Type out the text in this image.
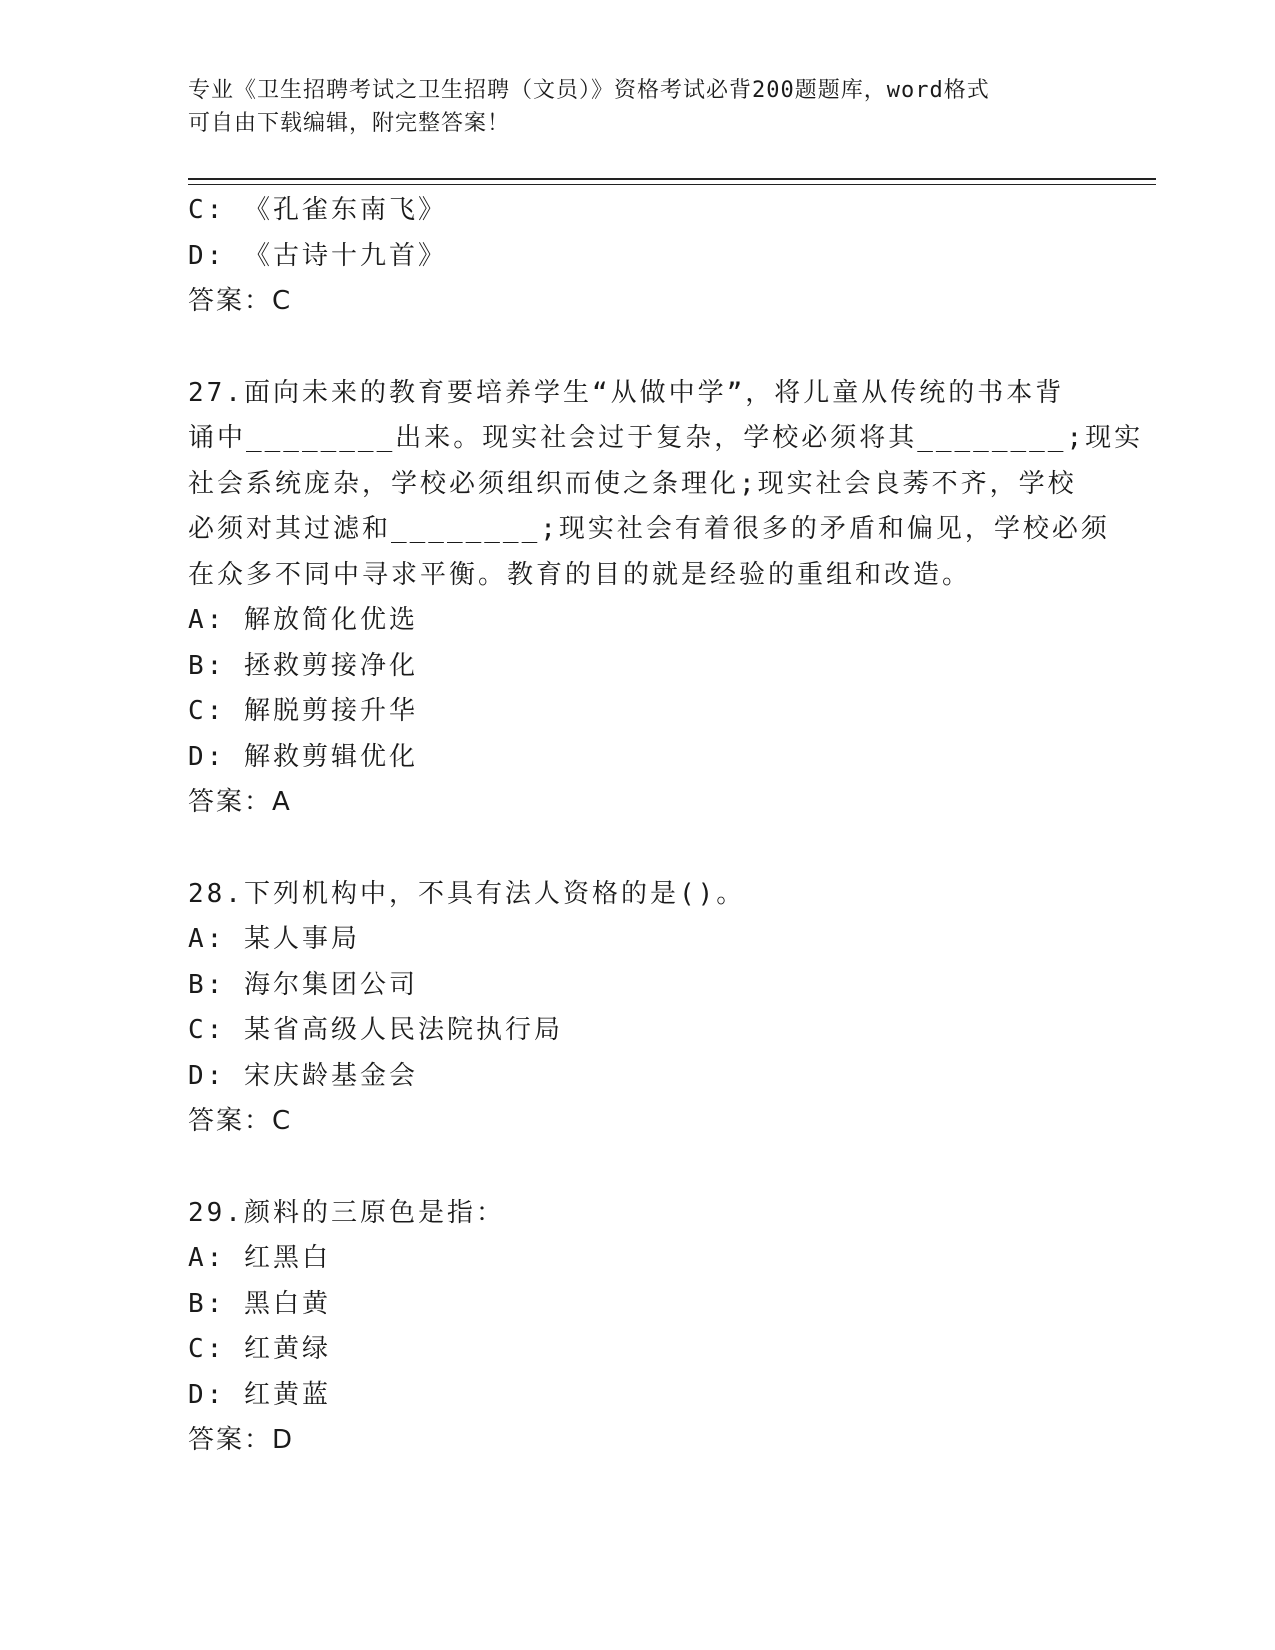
专业《卫生招聘考试之卫生招聘（文员）》资格考试必背200题题库，word格式
可自由下载编辑，附完整答案！
C: 《孔雀东南飞》
D: 《古诗十九首》
答案：C
27.面向未来的教育要培养学生“从做中学”，将儿童从传统的书本背
诵中________出来。现实社会过于复杂，学校必须将其________;现实
社会系统庞杂，学校必须组织而使之条理化;现实社会良莠不齐，学校
必须对其过滤和________;现实社会有着很多的矛盾和偏见，学校必须
在众多不同中寻求平衡。教育的目的就是经验的重组和改造。
A: 解放简化优选
B: 拯救剪接净化
C: 解脱剪接升华
D: 解救剪辑优化
答案：A
28.下列机构中，不具有法人资格的是()。
A: 某人事局
B: 海尔集团公司
C: 某省高级人民法院执行局
D: 宋庆龄基金会
答案：C
29.颜料的三原色是指：
A: 红黑白
B: 黑白黄
C: 红黄绿
D: 红黄蓝
答案：D
